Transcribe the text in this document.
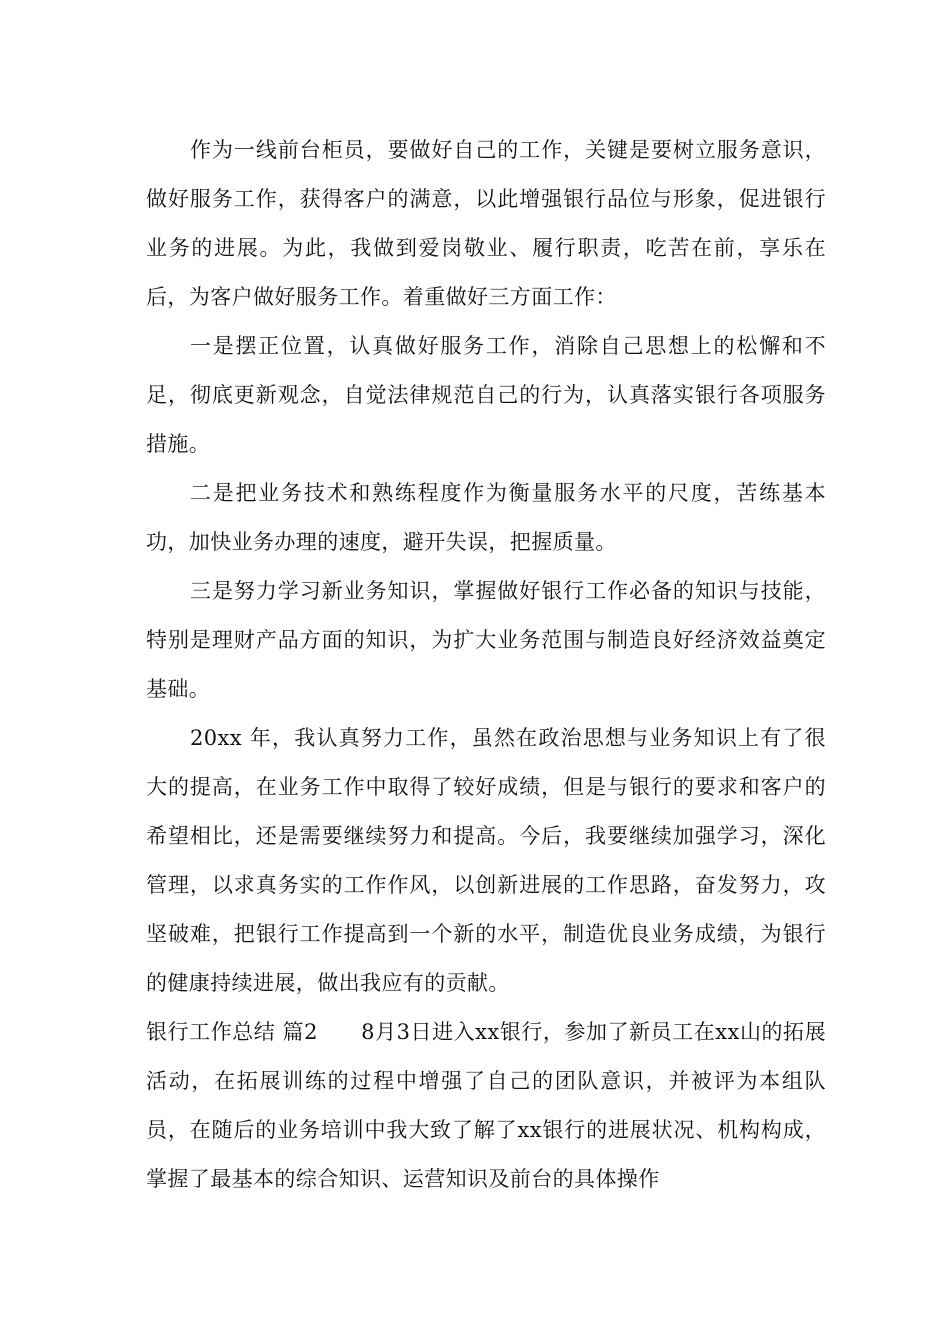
作为一线前台柜员，要做好自己的工作，关键是要树立服务意识，做好服务工作，获得客户的满意，以此增强银行品位与形象，促进银行业务的进展。为此，我做到爱岗敬业、履行职责，吃苦在前，享乐在后，为客户做好服务工作。着重做好三方面工作：

一是摆正位置，认真做好服务工作，消除自己思想上的松懈和不足，彻底更新观念，自觉法律规范自己的行为，认真落实银行各项服务措施。

二是把业务技术和熟练程度作为衡量服务水平的尺度，苦练基本功，加快业务办理的速度，避开失误，把握质量。

三是努力学习新业务知识，掌握做好银行工作必备的知识与技能，特别是理财产品方面的知识，为扩大业务范围与制造良好经济效益奠定基础。

20xx 年，我认真努力工作，虽然在政治思想与业务知识上有了很大的提高，在业务工作中取得了较好成绩，但是与银行的要求和客户的希望相比，还是需要继续努力和提高。今后，我要继续加强学习，深化管理，以求真务实的工作作风，以创新进展的工作思路，奋发努力，攻坚破难，把银行工作提高到一个新的水平，制造优良业务成绩，为银行的健康持续进展，做出我应有的贡献。

银行工作总结 篇2 8月3日进入xx银行，参加了新员工在xx山的拓展活动，在拓展训练的过程中增强了自己的团队意识，并被评为本组队员，在随后的业务培训中我大致了解了xx银行的进展状况、机构构成，掌握了最基本的综合知识、运营知识及前台的具体操作
